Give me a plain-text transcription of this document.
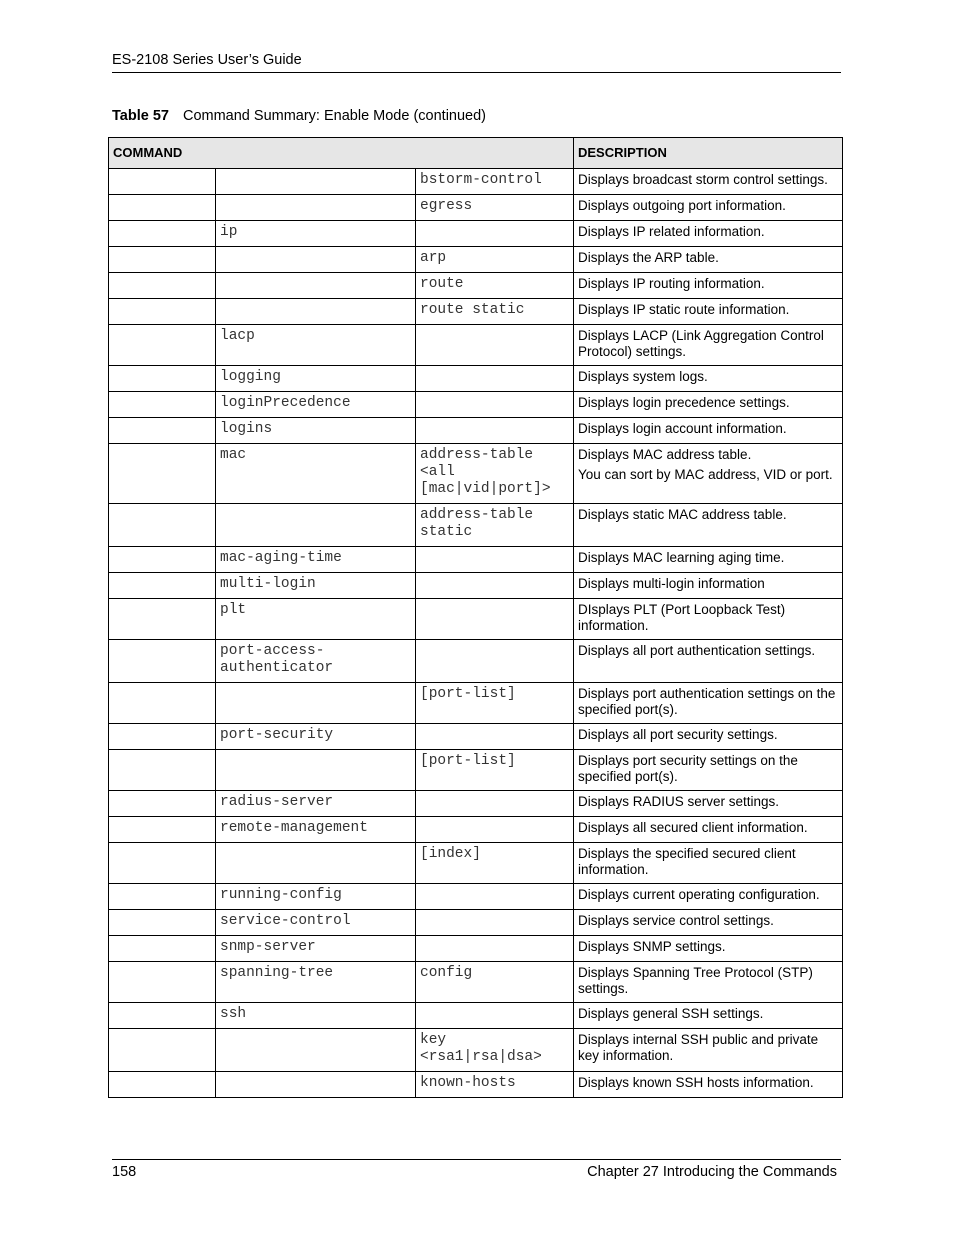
ES-2108 Series User’s Guide
Table 57 Command Summary: Enable Mode (continued)
COMMAND			DESCRIPTION
		bstorm-control	Displays broadcast storm control settings.

		egress	Displays outgoing port information.

	ip		Displays IP related information.

		arp	Displays the ARP table.

		route	Displays IP routing information.

		route static	Displays IP static route information.

	lacp		Displays LACP (Link Aggregation Control Protocol) settings.

	logging		Displays system logs.

	loginPrecedence		Displays login precedence settings.

	logins		Displays login account information.

	mac	address-table <all [mac|vid|port]>	Displays MAC address table.
You can sort by MAC address, VID or port.

		address-table static	Displays static MAC address table.

	mac-aging-time		Displays MAC learning aging time.

	multi-login		Displays multi-login information

	plt		DIsplays PLT (Port Loopback Test) information.

	port-access-authenticator		Displays all port authentication settings.

		[port-list]	Displays port authentication settings on the specified port(s).

	port-security		Displays all port security settings.

		[port-list]	Displays port security settings on the specified port(s).

	radius-server		Displays RADIUS server settings.

	remote-management		Displays all secured client information.

		[index]	Displays the specified secured client information.

	running-config		Displays current operating configuration.

	service-control		Displays service control settings.

	snmp-server		Displays SNMP settings.

	spanning-tree	config	Displays Spanning Tree Protocol (STP) settings.

	ssh		Displays general SSH settings.

		key <rsa1|rsa|dsa>	Displays internal SSH public and private key information.

		known-hosts	Displays known SSH hosts information.
158	Chapter 27 Introducing the Commands
